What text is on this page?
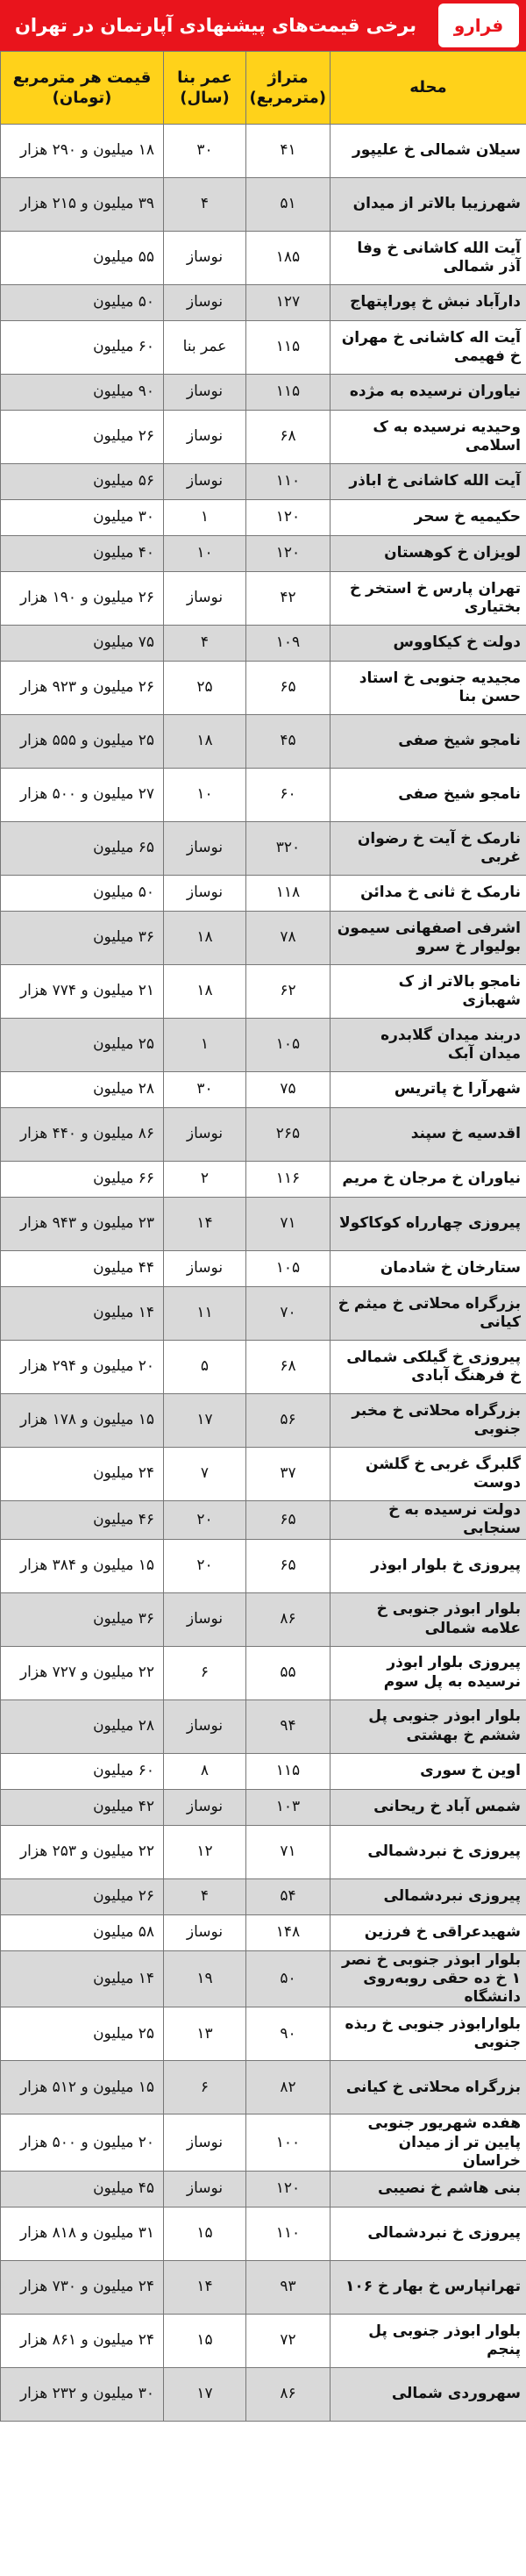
برخی قیمت‌های پیشنهادی آپارتمان در تهران	فرارو
محله	متراژ (مترمربع)	عمر بنا (سال)	قیمت هر مترمربع (تومان)
سیلان شمالی خ علیپور	۴۱	۳۰	۱۸ میلیون و ۲۹۰ هزار
شهرزیبا بالاتر از میدان	۵۱	۴	۳۹ میلیون و ۲۱۵ هزار
آیت الله کاشانی خ وفا آذر شمالی	۱۸۵	نوساز	۵۵ میلیون
دارآباد نبش خ پوراپتهاج	۱۲۷	نوساز	۵۰ میلیون
آیت اله کاشانی خ مهران خ فهیمی	۱۱۵	عمر بنا	۶۰ میلیون
نیاوران نرسیده به مژده	۱۱۵	نوساز	۹۰ میلیون
وحیدیه نرسیده به ک اسلامی	۶۸	نوساز	۲۶ میلیون
آیت الله کاشانی خ اباذر	۱۱۰	نوساز	۵۶ میلیون
حکیمیه خ سحر	۱۲۰	۱	۳۰ میلیون
لویزان خ کوهستان	۱۲۰	۱۰	۴۰ میلیون
تهران پارس خ استخر خ بختیاری	۴۲	نوساز	۲۶ میلیون و ۱۹۰ هزار
دولت خ کیکاووس	۱۰۹	۴	۷۵ میلیون
مجیدیه جنوبی خ استاد حسن بنا	۶۵	۲۵	۲۶ میلیون و ۹۲۳ هزار
نامجو شیخ صفی	۴۵	۱۸	۲۵ میلیون و ۵۵۵ هزار
نامجو شیخ صفی	۶۰	۱۰	۲۷ میلیون و ۵۰۰ هزار
نارمک خ آیت خ رضوان غربی	۳۲۰	نوساز	۶۵ میلیون
نارمک خ ثانی خ مدائن	۱۱۸	نوساز	۵۰ میلیون
اشرفی اصفهانی سیمون بولیوار خ سرو	۷۸	۱۸	۳۶ میلیون
نامجو بالاتر از ک شهبازی	۶۲	۱۸	۲۱ میلیون و ۷۷۴ هزار
دربند میدان گلابدره میدان آبک	۱۰۵	۱	۲۵ میلیون
شهرآرا خ پاتریس	۷۵	۳۰	۲۸ میلیون
اقدسیه خ سپند	۲۶۵	نوساز	۸۶ میلیون و ۴۴۰ هزار
نیاوران خ مرجان خ مریم	۱۱۶	۲	۶۶ میلیون
پیروزی چهارراه کوکاکولا	۷۱	۱۴	۲۳ میلیون و ۹۴۳ هزار
ستارخان خ شادمان	۱۰۵	نوساز	۴۴ میلیون
بزرگراه محلاتی خ میثم خ کیانی	۷۰	۱۱	۱۴ میلیون
پیروزی خ گیلکی شمالی خ فرهنگ آبادی	۶۸	۵	۲۰ میلیون و ۲۹۴ هزار
بزرگراه محلاتی خ مخبر جنوبی	۵۶	۱۷	۱۵ میلیون و ۱۷۸ هزار
گلبرگ غربی خ گلشن دوست	۳۷	۷	۲۴ میلیون
دولت نرسیده به خ سنجابی	۶۵	۲۰	۴۶ میلیون
پیروزی خ بلوار ابوذر	۶۵	۲۰	۱۵ میلیون و ۳۸۴ هزار
بلوار ابوذر جنوبی خ علامه شمالی	۸۶	نوساز	۳۶ میلیون
پیروزی بلوار ابوذر نرسیده به پل سوم	۵۵	۶	۲۲ میلیون و ۷۲۷ هزار
بلوار ابوذر جنوبی پل ششم خ بهشتی	۹۴	نوساز	۲۸ میلیون
اوین خ سوری	۱۱۵	۸	۶۰ میلیون
شمس آباد خ ریحانی	۱۰۳	نوساز	۴۲ میلیون
پیروزی خ نبردشمالی	۷۱	۱۲	۲۲ میلیون و ۲۵۳ هزار
پیروزی نبردشمالی	۵۴	۴	۲۶ میلیون
شهیدعراقی خ فرزین	۱۴۸	نوساز	۵۸ میلیون
بلوار ابوذر جنوبی خ نصر ۱ خ ده حقی روبه‌روی دانشگاه	۵۰	۱۹	۱۴ میلیون
بلوارابوذر جنوبی خ ربذه جنوبی	۹۰	۱۳	۲۵ میلیون
بزرگراه محلاتی خ کیانی	۸۲	۶	۱۵ میلیون و ۵۱۲ هزار
هفده شهریور جنوبی پایین تر از میدان خراسان	۱۰۰	نوساز	۲۰ میلیون و ۵۰۰ هزار
بنی هاشم خ نصیبی	۱۲۰	نوساز	۴۵ میلیون
پیروزی خ نبردشمالی	۱۱۰	۱۵	۳۱ میلیون و ۸۱۸ هزار
تهرانپارس خ بهار خ ۱۰۶	۹۳	۱۴	۲۴ میلیون و ۷۳۰ هزار
بلوار ابوذر جنوبی پل پنجم	۷۲	۱۵	۲۴ میلیون و ۸۶۱ هزار
سهروردی شمالی	۸۶	۱۷	۳۰ میلیون و ۲۳۲ هزار
